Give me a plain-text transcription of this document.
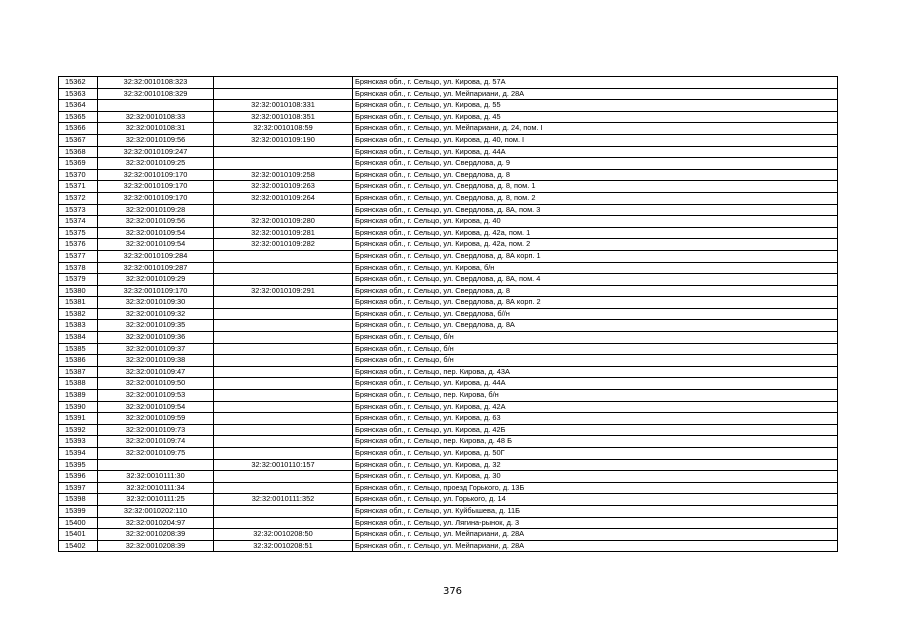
15362	32:32:0010108:323		Брянская обл., г. Сельцо, ул. Кирова, д. 57А
15363	32:32:0010108:329		Брянская обл., г. Сельцо, ул. Мейпариани, д. 28А
15364		32:32:0010108:331	Брянская обл., г. Сельцо, ул. Кирова, д. 55
15365	32:32:0010108:33	32:32:0010108:351	Брянская обл., г. Сельцо, ул. Кирова, д. 45
15366	32:32:0010108:31	32:32:0010108:59	Брянская обл., г. Сельцо, ул. Мейпариани, д. 24, пом. I
15367	32:32:0010109:56	32:32:0010109:190	Брянская обл., г. Сельцо, ул. Кирова, д. 40, пом. I
15368	32:32:0010109:247		Брянская обл., г. Сельцо, ул. Кирова, д. 44А
15369	32:32:0010109:25		Брянская обл., г. Сельцо, ул. Свердлова, д. 9
15370	32:32:0010109:170	32:32:0010109:258	Брянская обл., г. Сельцо, ул. Свердлова, д. 8
15371	32:32:0010109:170	32:32:0010109:263	Брянская обл., г. Сельцо, ул. Свердлова, д. 8, пом. 1
15372	32:32:0010109:170	32:32:0010109:264	Брянская обл., г. Сельцо, ул. Свердлова, д. 8, пом. 2
15373	32:32:0010109:28		Брянская обл., г. Сельцо, ул. Свердлова, д. 8А, пом. 3
15374	32:32:0010109:56	32:32:0010109:280	Брянская обл., г. Сельцо, ул. Кирова, д. 40
15375	32:32:0010109:54	32:32:0010109:281	Брянская обл., г. Сельцо, ул. Кирова, д. 42а, пом. 1
15376	32:32:0010109:54	32:32:0010109:282	Брянская обл., г. Сельцо, ул. Кирова, д. 42а, пом. 2
15377	32:32:0010109:284		Брянская обл., г. Сельцо, ул. Свердлова, д. 8А корп. 1
15378	32:32:0010109:287		Брянская обл., г. Сельцо, ул. Кирова, б/н
15379	32:32:0010109:29		Брянская обл., г. Сельцо, ул. Свердлова, д. 8А, пом. 4
15380	32:32:0010109:170	32:32:0010109:291	Брянская обл., г. Сельцо, ул. Свердлова, д. 8
15381	32:32:0010109:30		Брянская обл., г. Сельцо, ул. Свердлова, д. 8А корп. 2
15382	32:32:0010109:32		Брянская обл., г. Сельцо, ул. Свердлова, б//н
15383	32:32:0010109:35		Брянская обл., г. Сельцо, ул. Свердлова, д. 8А
15384	32:32:0010109:36		Брянская обл., г. Сельцо, б/н
15385	32:32:0010109:37		Брянская обл., г. Сельцо, б/н
15386	32:32:0010109:38		Брянская обл., г. Сельцо, б/н
15387	32:32:0010109:47		Брянская обл., г. Сельцо, пер. Кирова, д. 43А
15388	32:32:0010109:50		Брянская обл., г. Сельцо, ул. Кирова, д. 44А
15389	32:32:0010109:53		Брянская обл., г. Сельцо, пер. Кирова, б/н
15390	32:32:0010109:54		Брянская обл., г. Сельцо, ул. Кирова, д. 42А
15391	32:32:0010109:59		Брянская обл., г. Сельцо, ул. Кирова, д. 63
15392	32:32:0010109:73		Брянская обл., г. Сельцо, ул. Кирова, д. 42Б
15393	32:32:0010109:74		Брянская обл., г. Сельцо, пер. Кирова, д. 48 Б
15394	32:32:0010109:75		Брянская обл., г. Сельцо, ул. Кирова, д. 50Г
15395		32:32:0010110:157	Брянская обл., г. Сельцо, ул. Кирова, д. 32
15396	32:32:0010111:30		Брянская обл., г. Сельцо, ул. Кирова, д. 30
15397	32:32:0010111:34		Брянская обл., г. Сельцо, проезд Горького, д. 13Б
15398	32:32:0010111:25	32:32:0010111:352	Брянская обл., г. Сельцо, ул. Горького, д. 14
15399	32:32:0010202:110		Брянская обл., г. Сельцо, ул. Куйбышева, д. 11Б
15400	32:32:0010204:97		Брянская обл., г. Сельцо, ул. Лягина-рынок, д. 3
15401	32:32:0010208:39	32:32:0010208:50	Брянская обл., г. Сельцо, ул. Мейпариани, д. 28А
15402	32:32:0010208:39	32:32:0010208:51	Брянская обл., г. Сельцо, ул. Мейпариани, д. 28А
376
